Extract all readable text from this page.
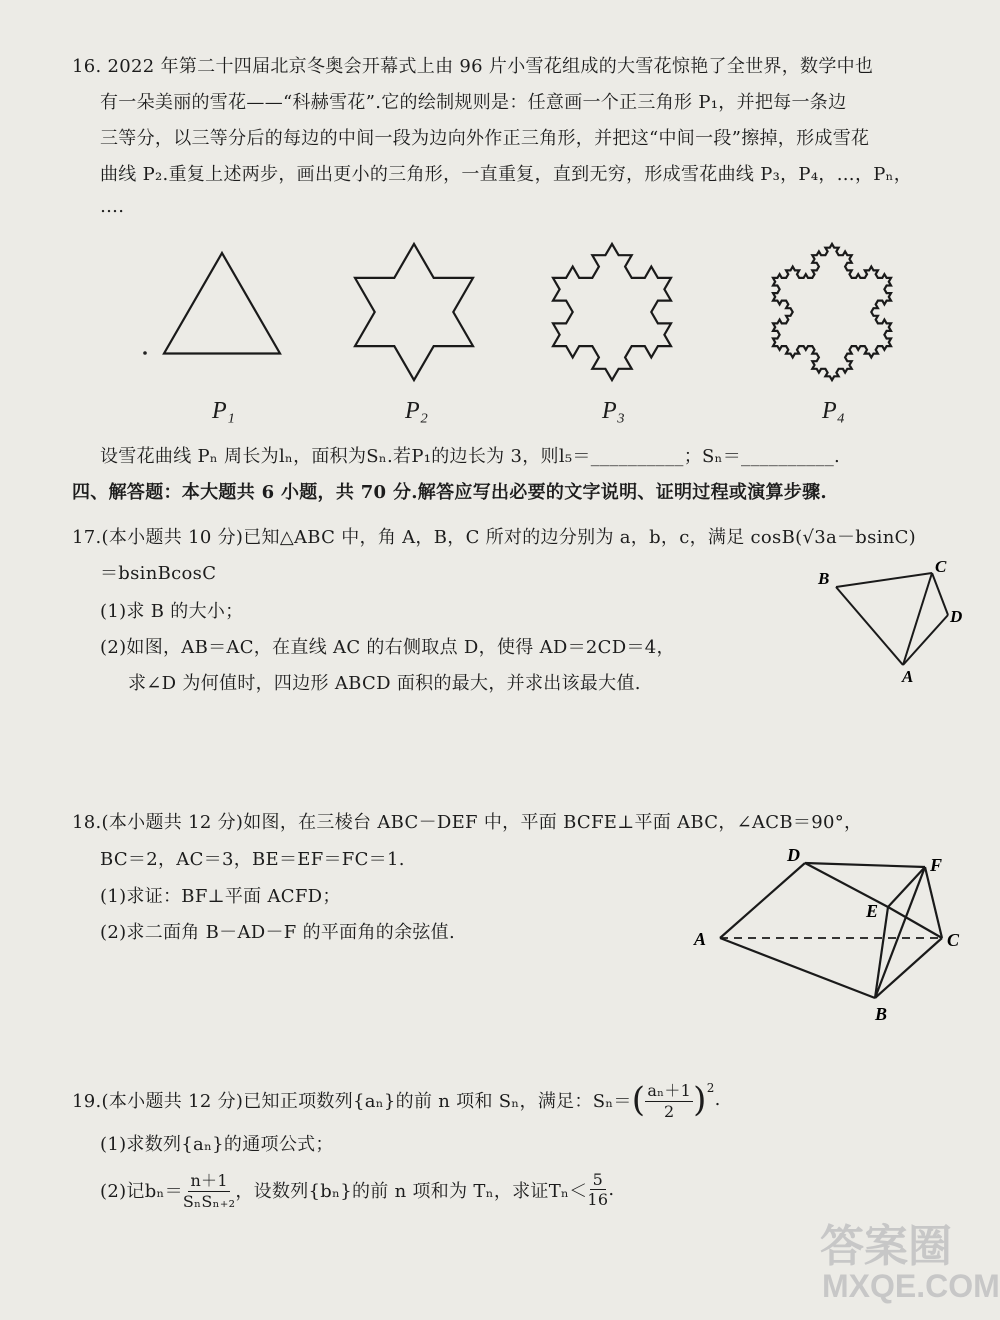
16. 2022 年第二十四届北京冬奥会开幕式上由 96 片小雪花组成的大雪花惊艳了全世界，数学中也
有一朵美丽的雪花——“科赫雪花”.它的绘制规则是：任意画一个正三角形 P₁，并把每一条边
三等分，以三等分后的每边的中间一段为边向外作正三角形，并把这“中间一段”擦掉，形成雪花
曲线 P₂.重复上述两步，画出更小的三角形，一直重复，直到无穷，形成雪花曲线 P₃，P₄，…，Pₙ，
….
P₁	P₂	P₃	P₄
设雪花曲线 Pₙ 周长为lₙ，面积为Sₙ.若P₁的边长为 3，则l₅＝__________；Sₙ＝__________.
四、解答题：本大题共 6 小题，共 70 分.解答应写出必要的文字说明、证明过程或演算步骤.
17.(本小题共 10 分)已知△ABC 中，角 A，B，C 所对的边分别为 a，b，c，满足 cosB(√3a－bsinC)
＝bsinBcosC
(1)求 B 的大小；
(2)如图，AB＝AC，在直线 AC 的右侧取点 D，使得 AD＝2CD＝4，
求∠D 为何值时，四边形 ABCD 面积的最大，并求出该最大值.
B
C
D
A
18.(本小题共 12 分)如图，在三棱台 ABC－DEF 中，平面 BCFE⊥平面 ABC，∠ACB＝90°，
BC＝2，AC＝3，BE＝EF＝FC＝1.
(1)求证：BF⊥平面 ACFD；
(2)求二面角 B－AD－F 的平面角的余弦值.
D	F
E
A	C
B
19.(本小题共 12 分)已知正项数列{aₙ}的前 n 项和 Sₙ，满足：Sₙ＝ ( $\frac{\text{aₙ＋1}}{2} )^2$
.
(1)求数列{aₙ}的通项公式；
(2)记bₙ＝ n＋1
SₙSₙ₊₂ ，设数列{bₙ}的前 n 项和为 Tₙ，求证Tₙ＜
5
16 .
答案圈
MXQE.COM
